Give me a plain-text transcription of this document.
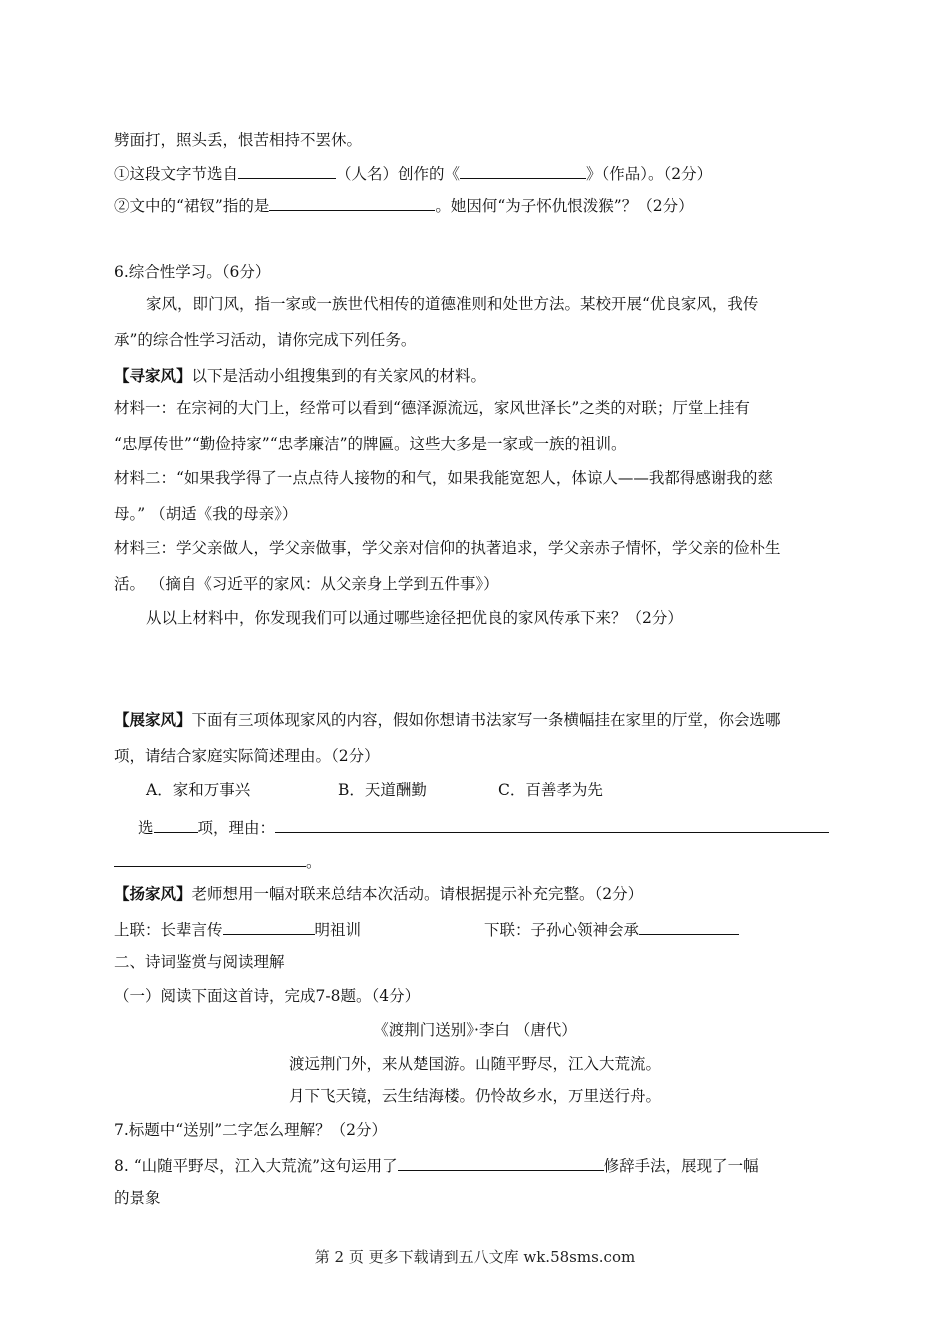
劈面打，照头丢，恨苦相持不罢休。
①这段文字节选自	（人名）创作的《	》（作品）。（2分）
②文中的“裙钗”指的是	。她因何“为子怀仇恨泼猴”？（2分）
6.综合性学习。（6分）
家风，即门风，指一家或一族世代相传的道德准则和处世方法。某校开展“优良家风，我传
承”的综合性学习活动，请你完成下列任务。
【寻家风】以下是活动小组搜集到的有关家风的材料。
材料一：在宗祠的大门上，经常可以看到“德泽源流远，家风世泽长”之类的对联；厅堂上挂有
“忠厚传世”“勤俭持家”“忠孝廉洁”的牌匾。这些大多是一家或一族的祖训。
材料二：“如果我学得了一点点待人接物的和气，如果我能宽恕人，体谅人——我都得感谢我的慈
母。” （胡适《我的母亲》）
材料三：学父亲做人，学父亲做事，学父亲对信仰的执著追求，学父亲赤子情怀，学父亲的俭朴生
活。 （摘自《习近平的家风：从父亲身上学到五件事》）
从以上材料中，你发现我们可以通过哪些途径把优良的家风传承下来？（2分）
【展家风】下面有三项体现家风的内容，假如你想请书法家写一条横幅挂在家里的厅堂，你会选哪
项，请结合家庭实际简述理由。（2分）
A．家和万事兴	B．天道酬勤	C．百善孝为先
选	项，理由：
。
【扬家风】老师想用一幅对联来总结本次活动。请根据提示补充完整。（2分）
上联：长辈言传	明祖训	下联：子孙心领神会承
二、诗词鉴赏与阅读理解
（一）阅读下面这首诗，完成7-8题。（4分）
《渡荆门送别》·李白 （唐代）
渡远荆门外，来从楚国游。山随平野尽，江入大荒流。
月下飞天镜，云生结海楼。仍怜故乡水，万里送行舟。
7.标题中“送别”二字怎么理解？（2分）
8. “山随平野尽，江入大荒流”这句运用了	修辞手法，展现了一幅
的景象
第 2 页 更多下载请到五八文库 wk.58sms.com
